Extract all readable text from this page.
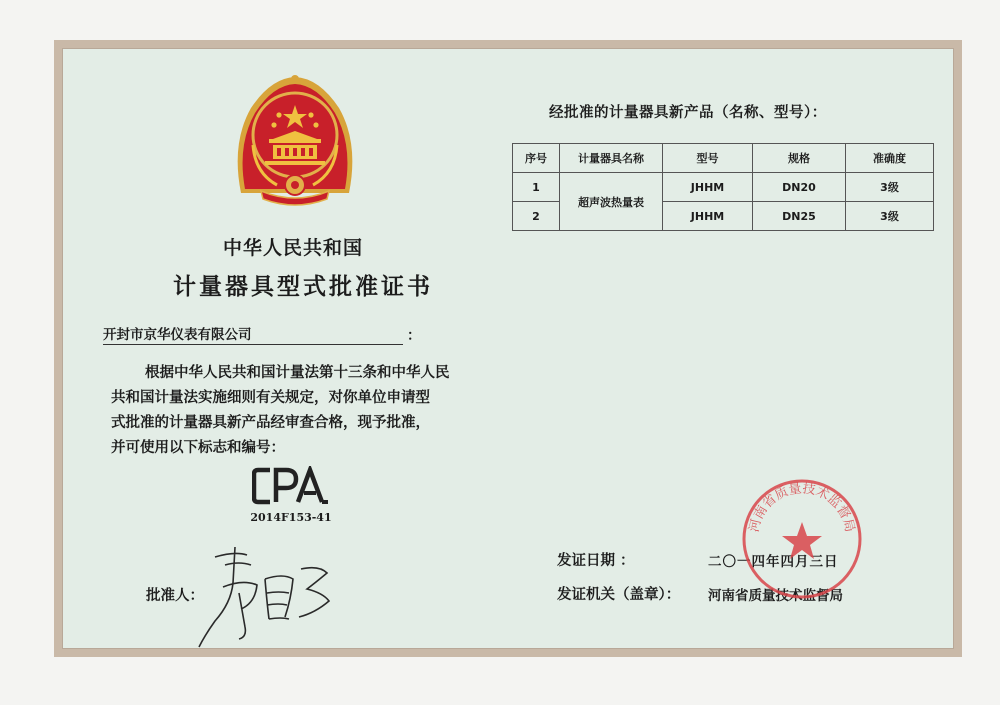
中华人民共和国
计量器具型式批准证书
开封市京华仪表有限公司	：
根据中华人民共和国计量法第十三条和中华人民
共和国计量法实施细则有关规定，对你单位申请型
式批准的计量器具新产品经审查合格，现予批准，
并可使用以下标志和编号：
2014F153-41
批准人：
经批准的计量器具新产品（名称、型号）：
序号	计量器具名称	型号	规格	准确度
1	超声波热量表	JHHM	DN20	3级
2		JHHM	DN25	3级
发证日期 ：	二〇一四年四月三日
发证机关（盖章）： 河南省质量技术监督局
河南省质量技术监督局
